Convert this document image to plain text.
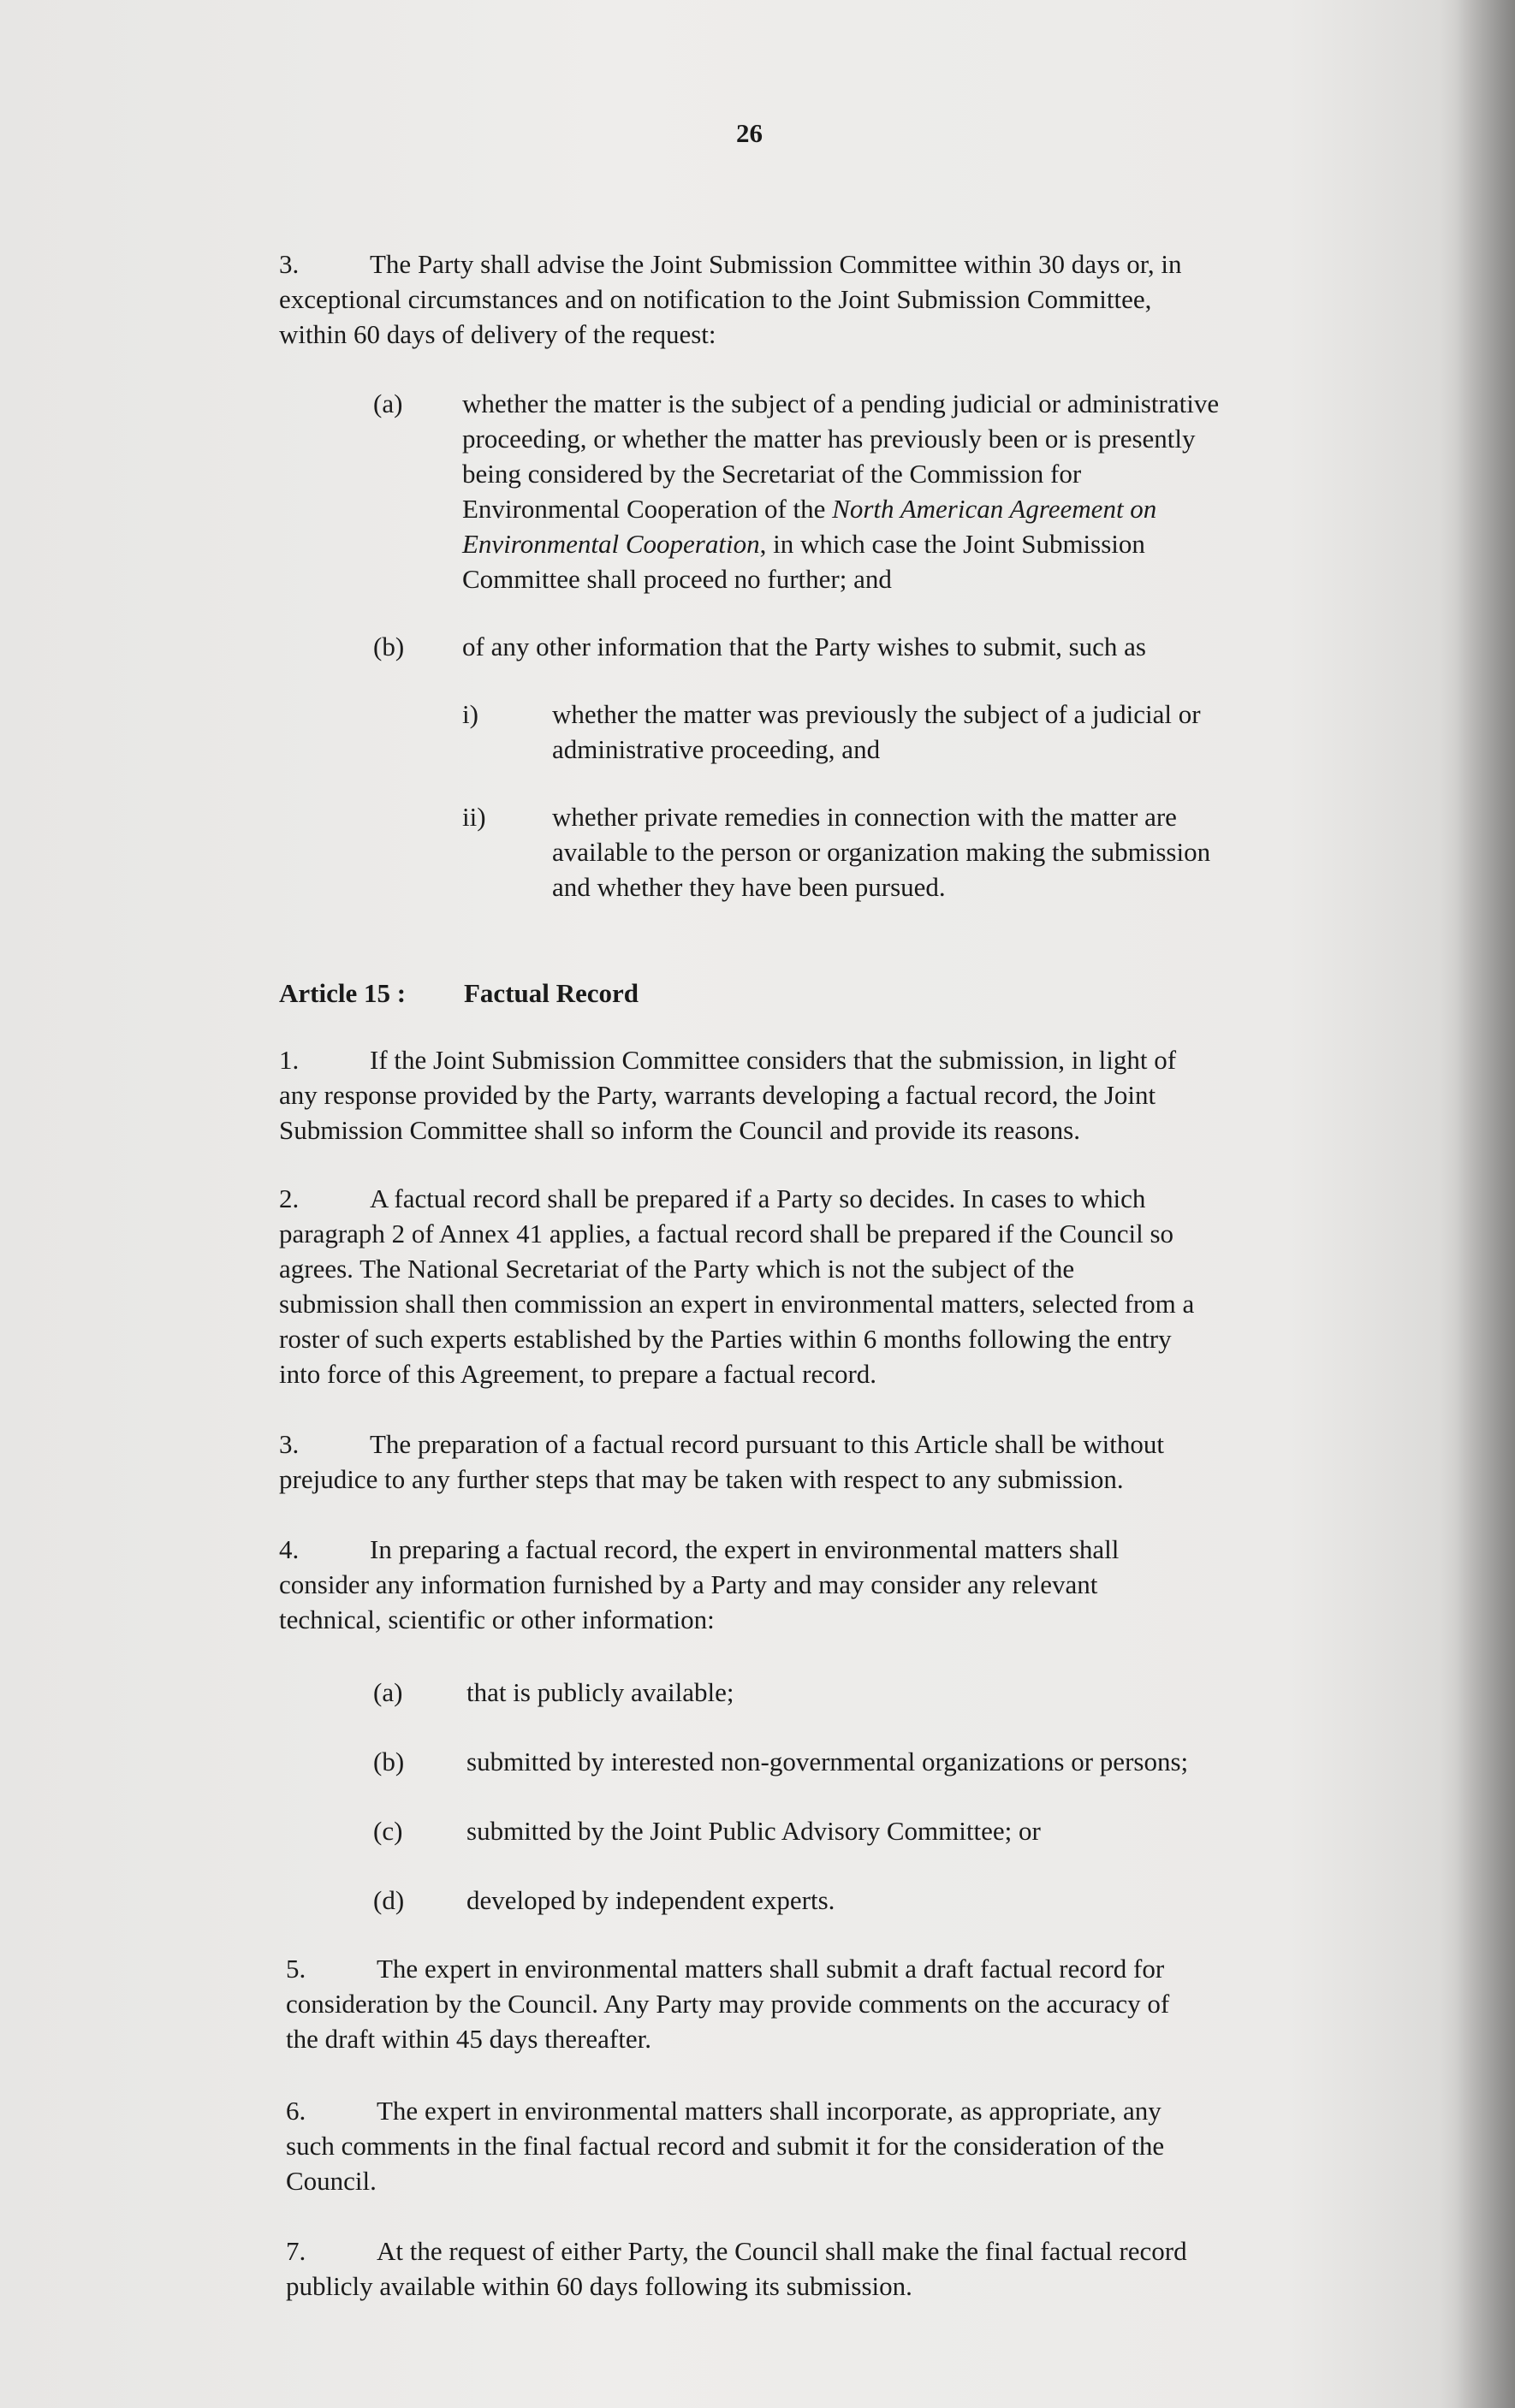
26
3.	The Party shall advise the Joint Submission Committee within 30 days or, in
exceptional circumstances and on notification to the Joint Submission Committee,
within 60 days of delivery of the request:
(a) whether the matter is the subject of a pending judicial or administrative
proceeding, or whether the matter has previously been or is presently
being considered by the Secretariat of the Commission for
Environmental Cooperation of the North American Agreement on
Environmental Cooperation, in which case the Joint Submission
Committee shall proceed no further; and
(b) of any other information that the Party wishes to submit, such as
i)	whether the matter was previously the subject of a judicial or
administrative proceeding, and
ii) whether private remedies in connection with the matter are
available to the person or organization making the submission
and whether they have been pursued.
Article 15 : Factual Record
1.	If the Joint Submission Committee considers that the submission, in light of
any response provided by the Party, warrants developing a factual record, the Joint
Submission Committee shall so inform the Council and provide its reasons.
2.	A factual record shall be prepared if a Party so decides. In cases to which
paragraph 2 of Annex 41 applies, a factual record shall be prepared if the Council so
agrees. The National Secretariat of the Party which is not the subject of the
submission shall then commission an expert in environmental matters, selected from a
roster of such experts established by the Parties within 6 months following the entry
into force of this Agreement, to prepare a factual record.
3.	The preparation of a factual record pursuant to this Article shall be without
prejudice to any further steps that may be taken with respect to any submission.
4.	In preparing a factual record, the expert in environmental matters shall
consider any information furnished by a Party and may consider any relevant
technical, scientific or other information:
(a) that is publicly available;
(b) submitted by interested non-governmental organizations or persons;
(c) submitted by the Joint Public Advisory Committee; or
(d) developed by independent experts.
5.	The expert in environmental matters shall submit a draft factual record for
consideration by the Council. Any Party may provide comments on the accuracy of
the draft within 45 days thereafter.
6.	The expert in environmental matters shall incorporate, as appropriate, any
such comments in the final factual record and submit it for the consideration of the
Council.
7.	At the request of either Party, the Council shall make the final factual record
publicly available within 60 days following its submission.
